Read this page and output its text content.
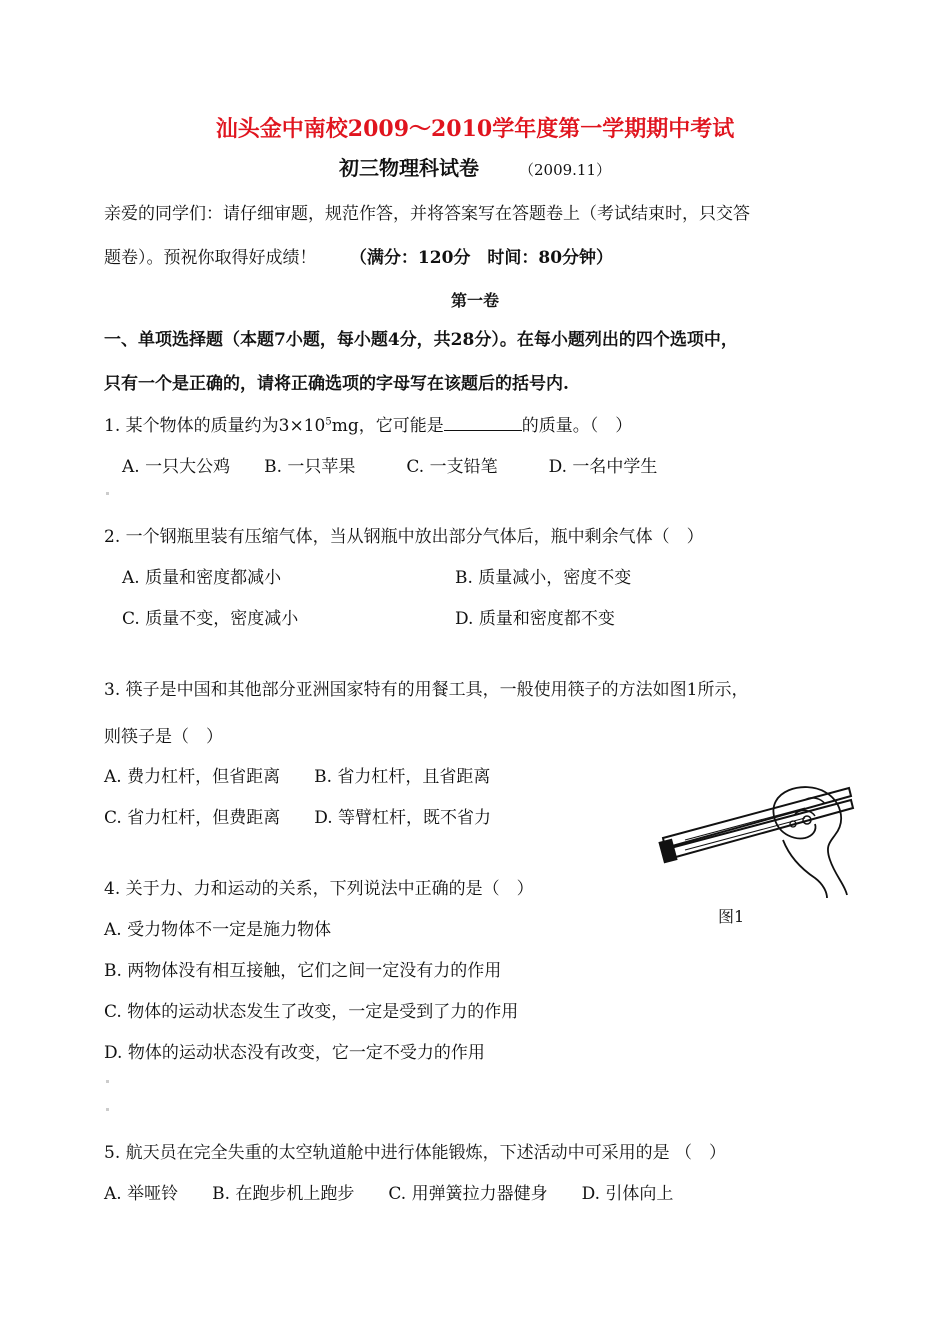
汕头金中南校2009～2010学年度第一学期期中考试
初三物理科试卷	（2009.11）
亲爱的同学们：请仔细审题，规范作答，并将答案写在答题卷上（考试结束时，只交答
题卷）。预祝你取得好成绩！ （满分：120分　时间：80分钟）
第一卷
一、单项选择题（本题7小题，每小题4分，共28分）。在每小题列出的四个选项中，
只有一个是正确的，请将正确选项的字母写在该题后的括号内.
1. 某个物体的质量约为$3\times 10^5mg$，它可能是	的质量。（　）
A. 一只大公鸡　　B. 一只苹果　　　C. 一支铅笔　　　D. 一名中学生
2. 一个钢瓶里装有压缩气体，当从钢瓶中放出部分气体后，瓶中剩余气体（　）
A. 质量和密度都减小	B. 质量减小，密度不变
C. 质量不变，密度减小	D. 质量和密度都不变
3. 筷子是中国和其他部分亚洲国家特有的用餐工具，一般使用筷子的方法如图1所示，
则筷子是（　）
A. 费力杠杆，但省距离　　B. 省力杠杆，且省距离
C. 省力杠杆，但费距离　　D. 等臂杠杆，既不省力
图1
4. 关于力、力和运动的关系，下列说法中正确的是（　）
A. 受力物体不一定是施力物体
B. 两物体没有相互接触，它们之间一定没有力的作用
C. 物体的运动状态发生了改变，一定是受到了力的作用
D. 物体的运动状态没有改变，它一定不受力的作用
5. 航天员在完全失重的太空轨道舱中进行体能锻炼，下述活动中可采用的是 （　）
A. 举哑铃　　B. 在跑步机上跑步　　C. 用弹簧拉力器健身　　D. 引体向上
